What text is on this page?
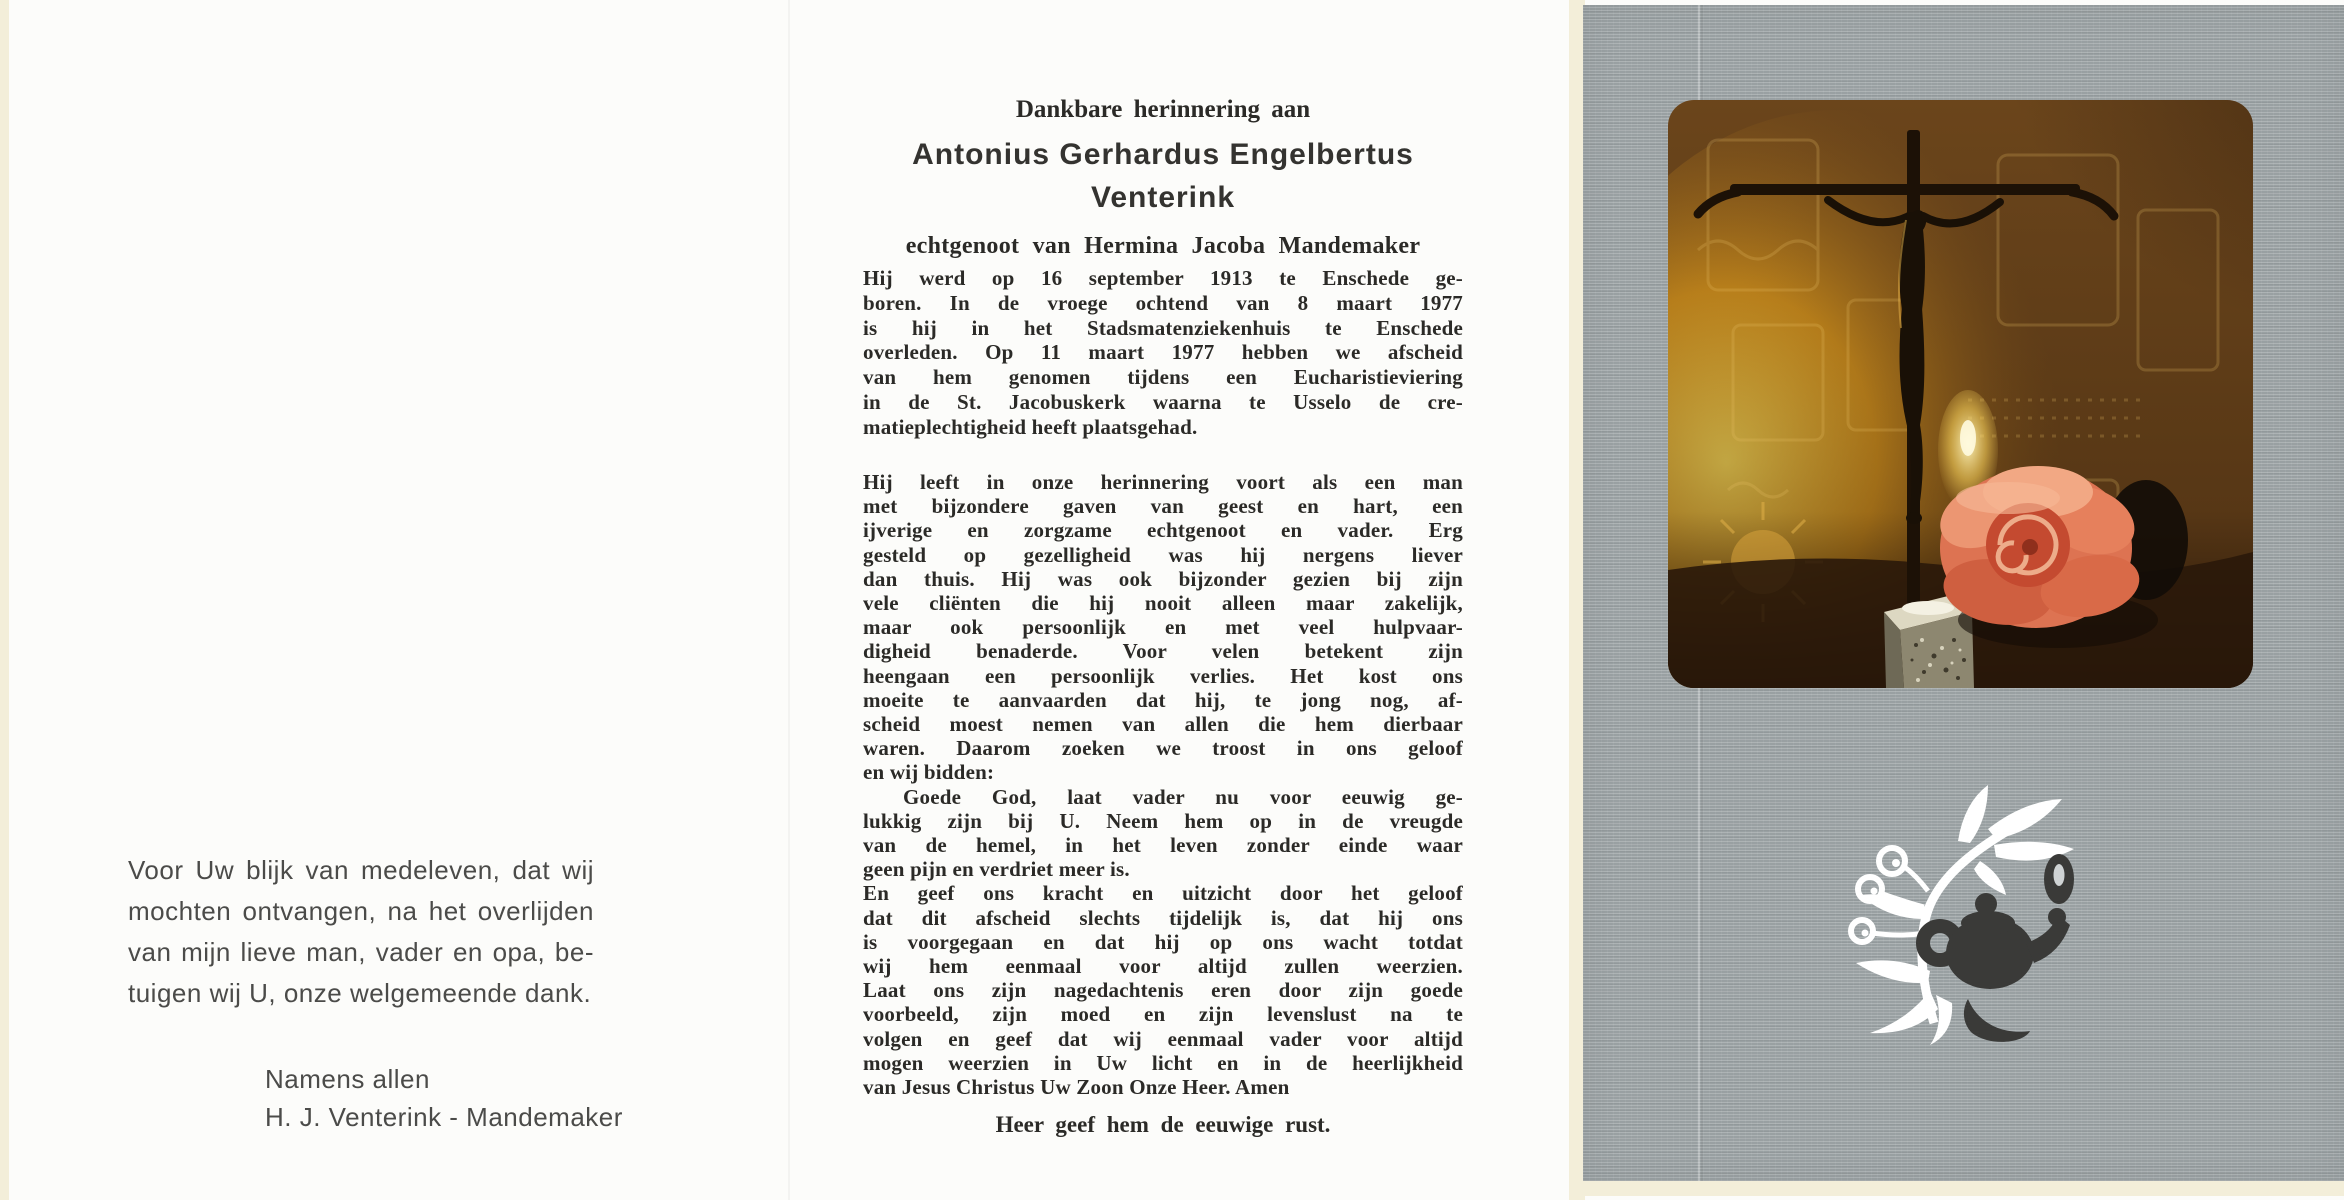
Voor Uw blijk van medeleven, dat wij
mochten ontvangen, na het overlijden
van mijn lieve man, vader en opa, be-
tuigen wij U, onze welgemeende dank.
Namens allen
H. J. Venterink - Mandemaker
Dankbare herinnering aan
Antonius Gerhardus Engelbertus
Venterink
echtgenoot van Hermina Jacoba Mandemaker
Hij werd op 16 september 1913 te Enschede ge-
boren. In de vroege ochtend van 8 maart 1977
is hij in het Stadsmatenziekenhuis te Enschede
overleden. Op 11 maart 1977 hebben we afscheid
van hem genomen tijdens een Eucharistieviering
in de St. Jacobuskerk waarna te Usselo de cre-
matieplechtigheid heeft plaatsgehad.
Hij leeft in onze herinnering voort als een man
met bijzondere gaven van geest en hart, een
ijverige en zorgzame echtgenoot en vader. Erg
gesteld op gezelligheid was hij nergens liever
dan thuis. Hij was ook bijzonder gezien bij zijn
vele cliënten die hij nooit alleen maar zakelijk,
maar ook persoonlijk en met veel hulpvaar-
digheid benaderde. Voor velen betekent zijn
heengaan een persoonlijk verlies. Het kost ons
moeite te aanvaarden dat hij, te jong nog, af-
scheid moest nemen van allen die hem dierbaar
waren. Daarom zoeken we troost in ons geloof
en wij bidden:
Goede God, laat vader nu voor eeuwig ge-
lukkig zijn bij U. Neem hem op in de vreugde
van de hemel, in het leven zonder einde waar
geen pijn en verdriet meer is.
En geef ons kracht en uitzicht door het geloof
dat dit afscheid slechts tijdelijk is, dat hij ons
is voorgegaan en dat hij op ons wacht totdat
wij hem eenmaal voor altijd zullen weerzien.
Laat ons zijn nagedachtenis eren door zijn goede
voorbeeld, zijn moed en zijn levenslust na te
volgen en geef dat wij eenmaal vader voor altijd
mogen weerzien in Uw licht en in de heerlijkheid
van Jesus Christus Uw Zoon Onze Heer. Amen
Heer geef hem de eeuwige rust.
